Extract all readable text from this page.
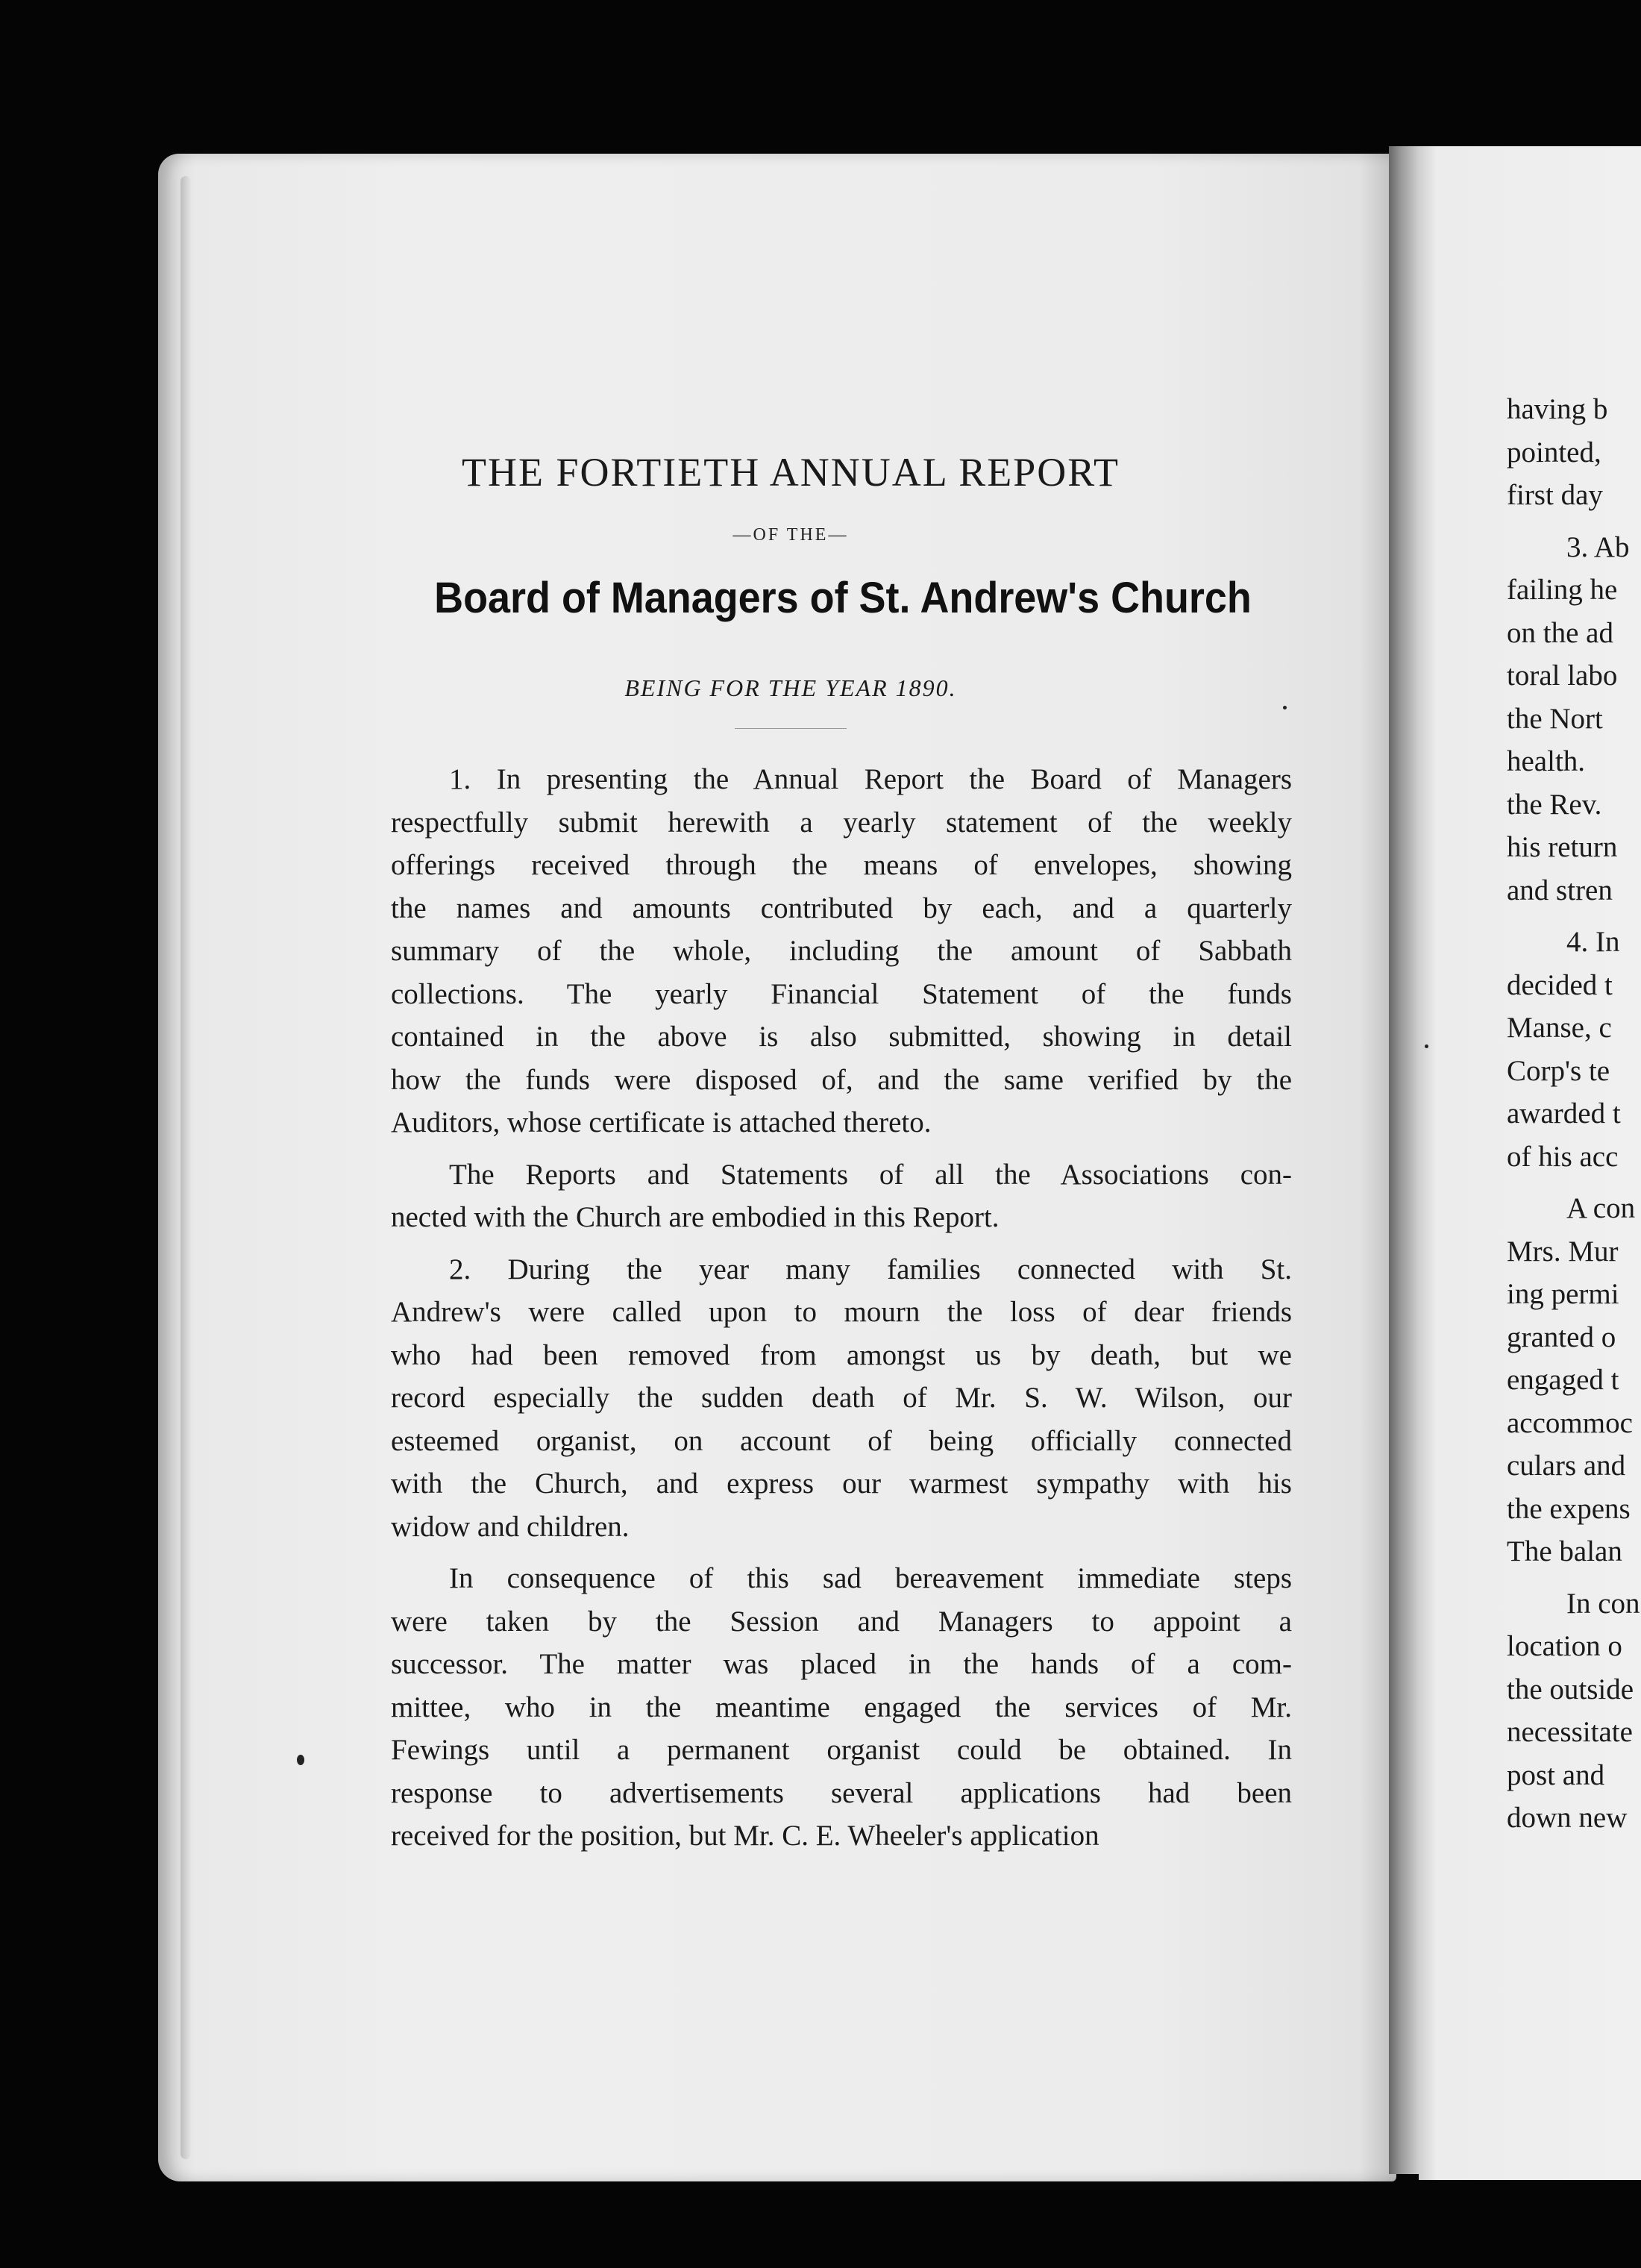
THE FORTIETH ANNUAL REPORT
—OF THE—
Board of Managers of St. Andrew's Church
BEING FOR THE YEAR 1890.
1. In presenting the Annual Report the Board of Managers
respectfully submit herewith a yearly statement of the weekly
offerings received through the means of envelopes, showing
the names and amounts contributed by each, and a quarterly
summary of the whole, including the amount of Sabbath
collections. The yearly Financial Statement of the funds
contained in the above is also submitted, showing in detail
how the funds were disposed of, and the same verified by the
Auditors, whose certificate is attached thereto.
The Reports and Statements of all the Associations con-
nected with the Church are embodied in this Report.
2. During the year many families connected with St.
Andrew's were called upon to mourn the loss of dear friends
who had been removed from amongst us by death, but we
record especially the sudden death of Mr. S. W. Wilson, our
esteemed organist, on account of being officially connected
with the Church, and express our warmest sympathy with his
widow and children.
In consequence of this sad bereavement immediate steps
were taken by the Session and Managers to appoint a
successor. The matter was placed in the hands of a com-
mittee, who in the meantime engaged the services of Mr.
Fewings until a permanent organist could be obtained. In
response to advertisements several applications had been
received for the position, but Mr. C. E. Wheeler's application
having b
pointed,
first day
3. Ab
failing he
on the ad
toral labo
the Nort
health.
the Rev.
his return
and stren
4. In
decided t
Manse, c
Corp's te
awarded t
of his acc
A con
Mrs. Mur
ing permi
granted o
engaged t
accommoc
culars and
the expens
The balan
In con
location o
the outside
necessitate
post and
down new
